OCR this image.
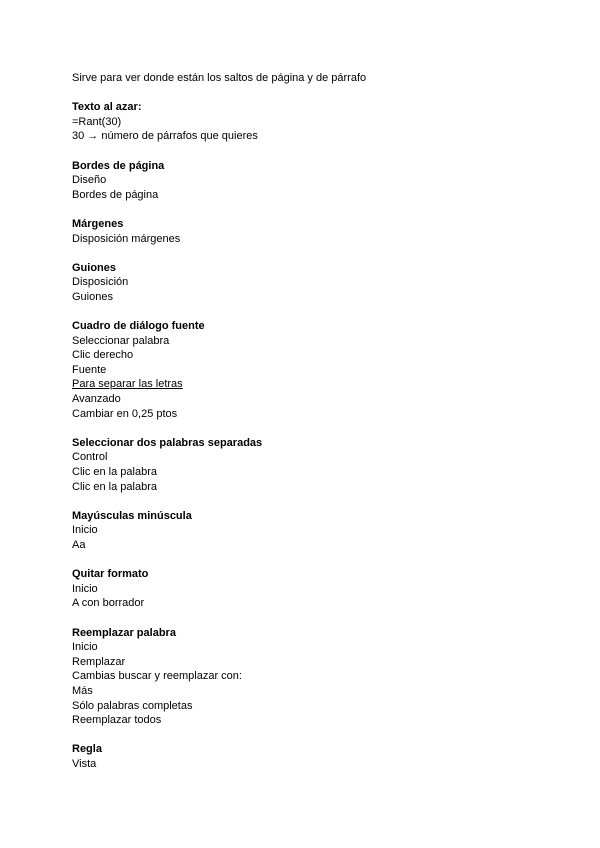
Sirve para ver donde están los saltos de página y de párrafo
Texto al azar:
=Rant(30)
30 → número de párrafos que quieres
Bordes de página
Diseño
Bordes de página
Márgenes
Disposición márgenes
Guiones
Disposición
Guiones
Cuadro de diálogo fuente
Seleccionar palabra
Clic derecho
Fuente
Para separar las letras
Avanzado
Cambiar en 0,25 ptos
Seleccionar dos palabras separadas
Control
Clic en la palabra
Clic en la palabra
Mayúsculas minúscula
Inicio
Aa
Quitar formato
Inicio
A con borrador
Reemplazar palabra
Inicio
Remplazar
Cambias buscar y reemplazar con:
Más
Sólo palabras completas
Reemplazar todos
Regla
Vista
